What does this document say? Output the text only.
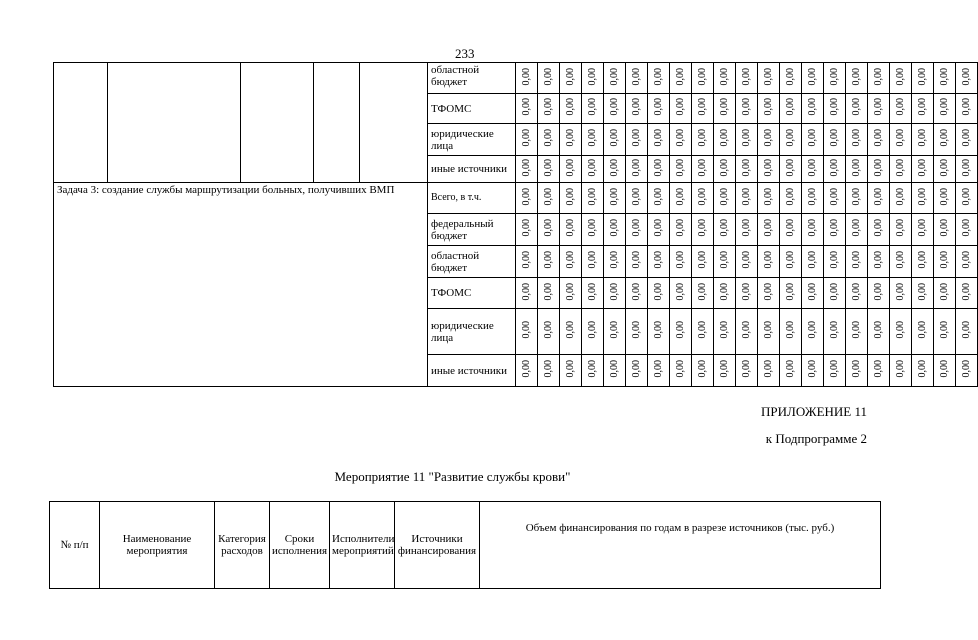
233
					областной бюджет	0,00	0,00	0,00	0,00	0,00	0,00	0,00	0,00	0,00	0,00	0,00	0,00	0,00	0,00	0,00	0,00	0,00	0,00	0,00	0,00	0,00
					ТФОМС	0,00	0,00	0,00	0,00	0,00	0,00	0,00	0,00	0,00	0,00	0,00	0,00	0,00	0,00	0,00	0,00	0,00	0,00	0,00	0,00	0,00
					юридические лица	0,00	0,00	0,00	0,00	0,00	0,00	0,00	0,00	0,00	0,00	0,00	0,00	0,00	0,00	0,00	0,00	0,00	0,00	0,00	0,00	0,00
					иные источники	0,00	0,00	0,00	0,00	0,00	0,00	0,00	0,00	0,00	0,00	0,00	0,00	0,00	0,00	0,00	0,00	0,00	0,00	0,00	0,00	0,00
Задача 3: создание службы маршрутизации больных, получивших ВМП					Всего, в т.ч.	0,00	0,00	0,00	0,00	0,00	0,00	0,00	0,00	0,00	0,00	0,00	0,00	0,00	0,00	0,00	0,00	0,00	0,00	0,00	0,00	0,00
					федеральный бюджет	0,00	0,00	0,00	0,00	0,00	0,00	0,00	0,00	0,00	0,00	0,00	0,00	0,00	0,00	0,00	0,00	0,00	0,00	0,00	0,00	0,00
					областной бюджет	0,00	0,00	0,00	0,00	0,00	0,00	0,00	0,00	0,00	0,00	0,00	0,00	0,00	0,00	0,00	0,00	0,00	0,00	0,00	0,00	0,00
					ТФОМС	0,00	0,00	0,00	0,00	0,00	0,00	0,00	0,00	0,00	0,00	0,00	0,00	0,00	0,00	0,00	0,00	0,00	0,00	0,00	0,00	0,00
					юридические лица	0,00	0,00	0,00	0,00	0,00	0,00	0,00	0,00	0,00	0,00	0,00	0,00	0,00	0,00	0,00	0,00	0,00	0,00	0,00	0,00	0,00
					иные источники	0,00	0,00	0,00	0,00	0,00	0,00	0,00	0,00	0,00	0,00	0,00	0,00	0,00	0,00	0,00	0,00	0,00	0,00	0,00	0,00	0,00
ПРИЛОЖЕНИЕ 11
к Подпрограмме 2
Мероприятие 11 "Развитие службы крови"
№ п/п	Наименование мероприятия	Категория расходов	Сроки исполнения	Исполнители мероприятий	Источники финансирования	Объем финансирования по годам в разрезе источников (тыс. руб.)
